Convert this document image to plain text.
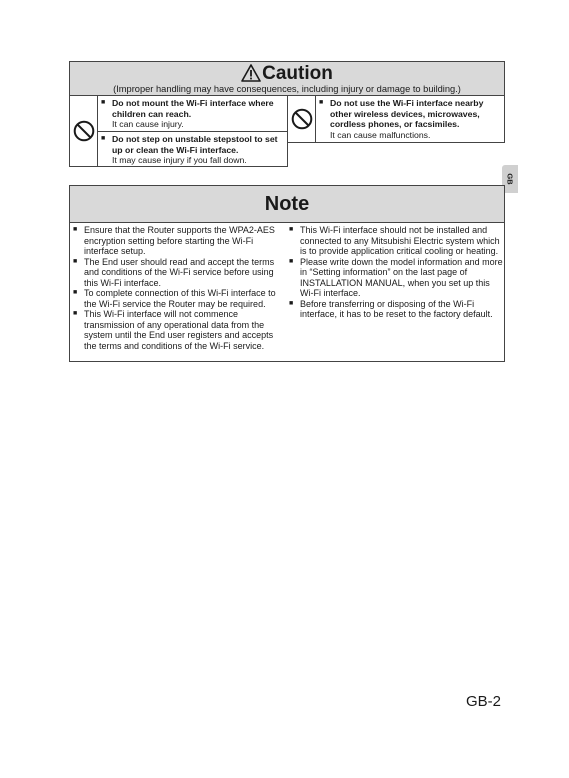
Caution
(Improper handling may have consequences, including injury or damage to building.)
■ Do not mount the Wi-Fi interface where children can reach.
It can cause injury.
■ Do not step on unstable stepstool to set up or clean the Wi-Fi interface.
It may cause injury if you fall down.
■ Do not use the Wi-Fi interface nearby other wireless devices, microwaves, cordless phones, or facsimiles.
It can cause malfunctions.
GB
Note
■ Ensure that the Router supports the WPA2-AES encryption setting before starting the Wi-Fi interface setup.
■ The End user should read and accept the terms and conditions of the Wi-Fi service before using this Wi-Fi interface.
■ To complete connection of this Wi-Fi interface to the Wi-Fi service the Router may be required.
■ This Wi-Fi interface will not commence transmission of any operational data from the system until the End user registers and accepts the terms and conditions of the Wi-Fi service.
■ This Wi-Fi interface should not be installed and connected to any Mitsubishi Electric system which is to provide application critical cooling or heating.
■ Please write down the model information and more in “Setting information” on the last page of INSTALLATION MANUAL, when you set up this Wi-Fi interface.
■ Before transferring or disposing of the Wi-Fi interface, it has to be reset to the factory default.
GB-2
